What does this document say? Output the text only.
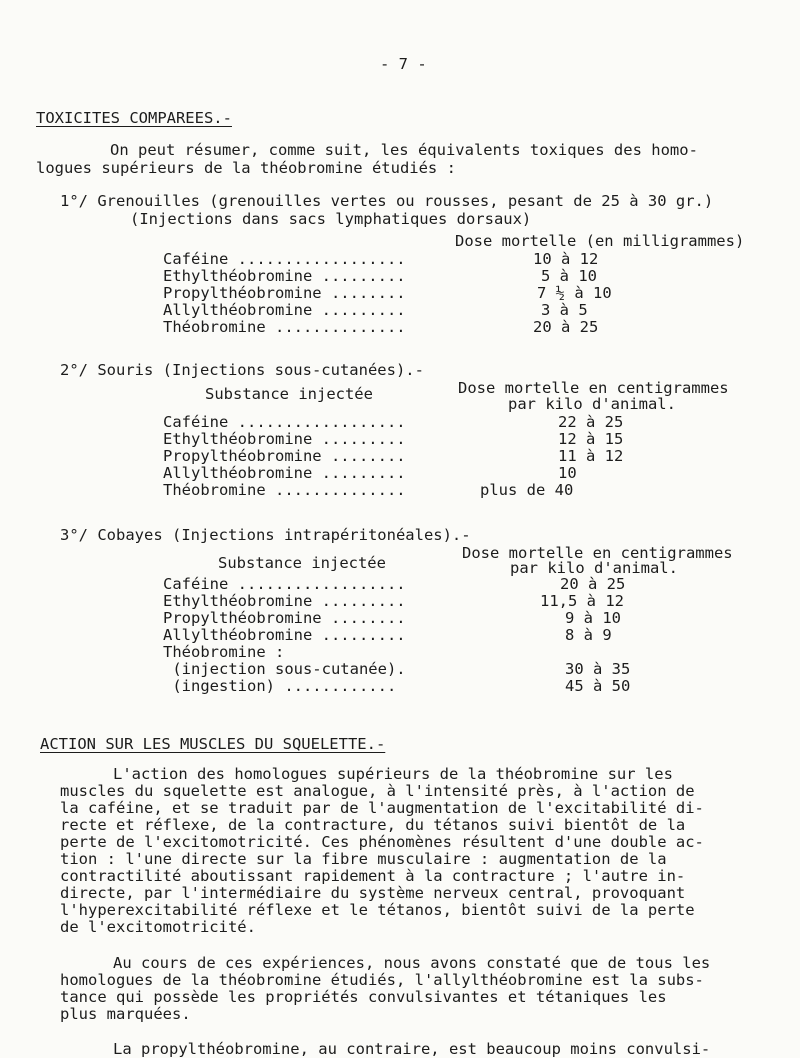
- 7 -
TOXICITES COMPAREES.-
On peut résumer, comme suit, les équivalents toxiques des homo-
logues supérieurs de la théobromine étudiés :
1°/ Grenouilles (grenouilles vertes ou rousses, pesant de 25 à 30 gr.)
(Injections dans sacs lymphatiques dorsaux)
Dose mortelle (en milligrammes)
Caféine ..................	10 à 12
Ethylthéobromine .........	5 à 10
Propylthéobromine ........	7 ½ à 10
Allylthéobromine .........	3 à 5
Théobromine ..............	20 à 25
2°/ Souris (Injections sous-cutanées).-
Substance injectée	Dose mortelle en centigrammes
par kilo d'animal.
Caféine ..................	22 à 25
Ethylthéobromine .........	12 à 15
Propylthéobromine ........	11 à 12
Allylthéobromine .........	10
Théobromine ..............	plus de 40
3°/ Cobayes (Injections intrapéritonéales).-
Substance injectée
Dose mortelle en centigrammes
par kilo d'animal.
Caféine ..................	20 à 25
Ethylthéobromine .........	11,5 à 12
Propylthéobromine ........	9 à 10
Allylthéobromine .........	8 à 9
Théobromine :
(injection sous-cutanée).	30 à 35
(ingestion) ............	45 à 50
ACTION SUR LES MUSCLES DU SQUELETTE.-
L'action des homologues supérieurs de la théobromine sur les
muscles du squelette est analogue, à l'intensité près, à l'action de
la caféine, et se traduit par de l'augmentation de l'excitabilité di-
recte et réflexe, de la contracture, du tétanos suivi bientôt de la
perte de l'excitomotricité. Ces phénomènes résultent d'une double ac-
tion : l'une directe sur la fibre musculaire : augmentation de la
contractilité aboutissant rapidement à la contracture ; l'autre in-
directe, par l'intermédiaire du système nerveux central, provoquant
l'hyperexcitabilité réflexe et le tétanos, bientôt suivi de la perte
de l'excitomotricité.
Au cours de ces expériences, nous avons constaté que de tous les
homologues de la théobromine étudiés, l'allylthéobromine est la subs-
tance qui possède les propriétés convulsivantes et tétaniques les
plus marquées.
La propylthéobromine, au contraire, est beaucoup moins convulsi-
